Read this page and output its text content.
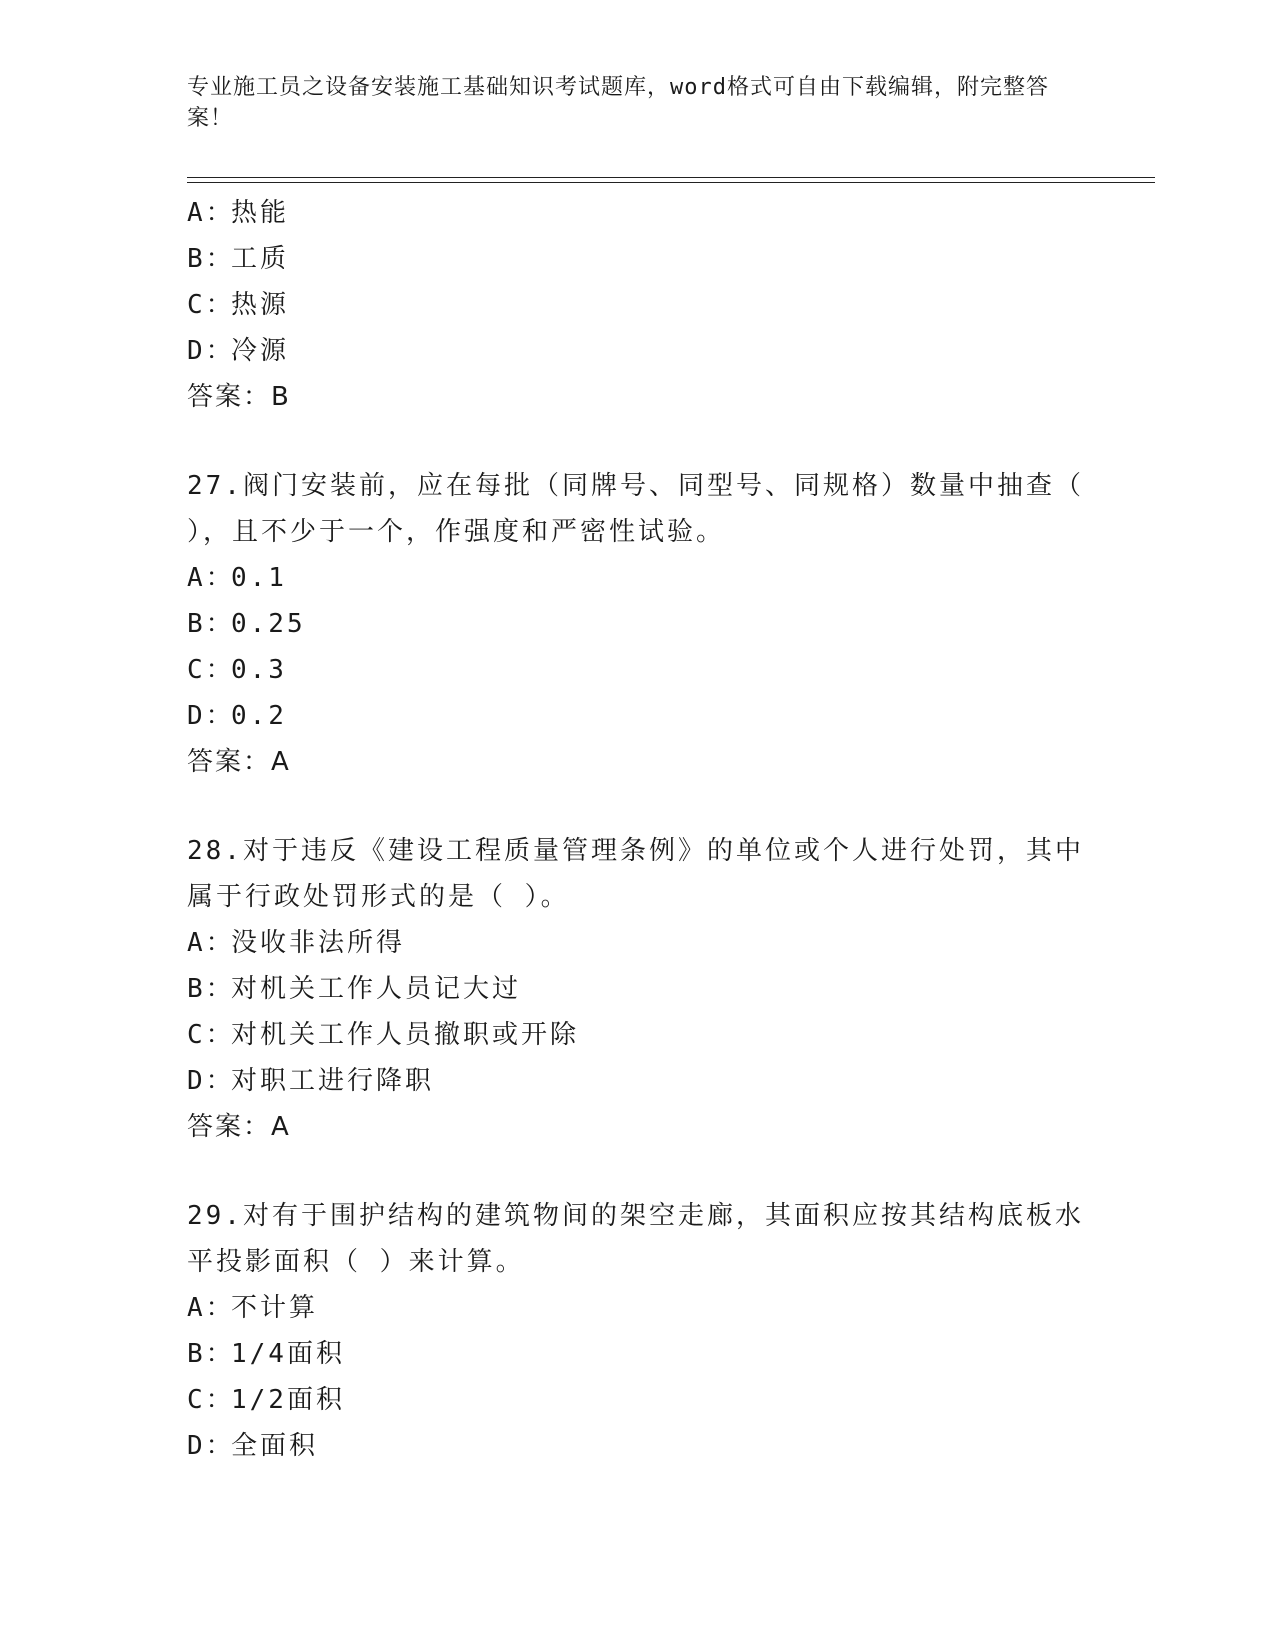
专业施工员之设备安装施工基础知识考试题库，word格式可自由下载编辑，附完整答案！
A：热能
B：工质
C：热源
D：冷源
答案：B
27.阀门安装前，应在每批（同牌号、同型号、同规格）数量中抽查（ ），且不少于一个，作强度和严密性试验。
A：0.1
B：0.25
C：0.3
D：0.2
答案：A
28.对于违反《建设工程质量管理条例》的单位或个人进行处罚，其中属于行政处罚形式的是（ ）。
A：没收非法所得
B：对机关工作人员记大过
C：对机关工作人员撤职或开除
D：对职工进行降职
答案：A
29.对有于围护结构的建筑物间的架空走廊，其面积应按其结构底板水平投影面积（ ）来计算。
A：不计算
B：1/4面积
C：1/2面积
D：全面积
